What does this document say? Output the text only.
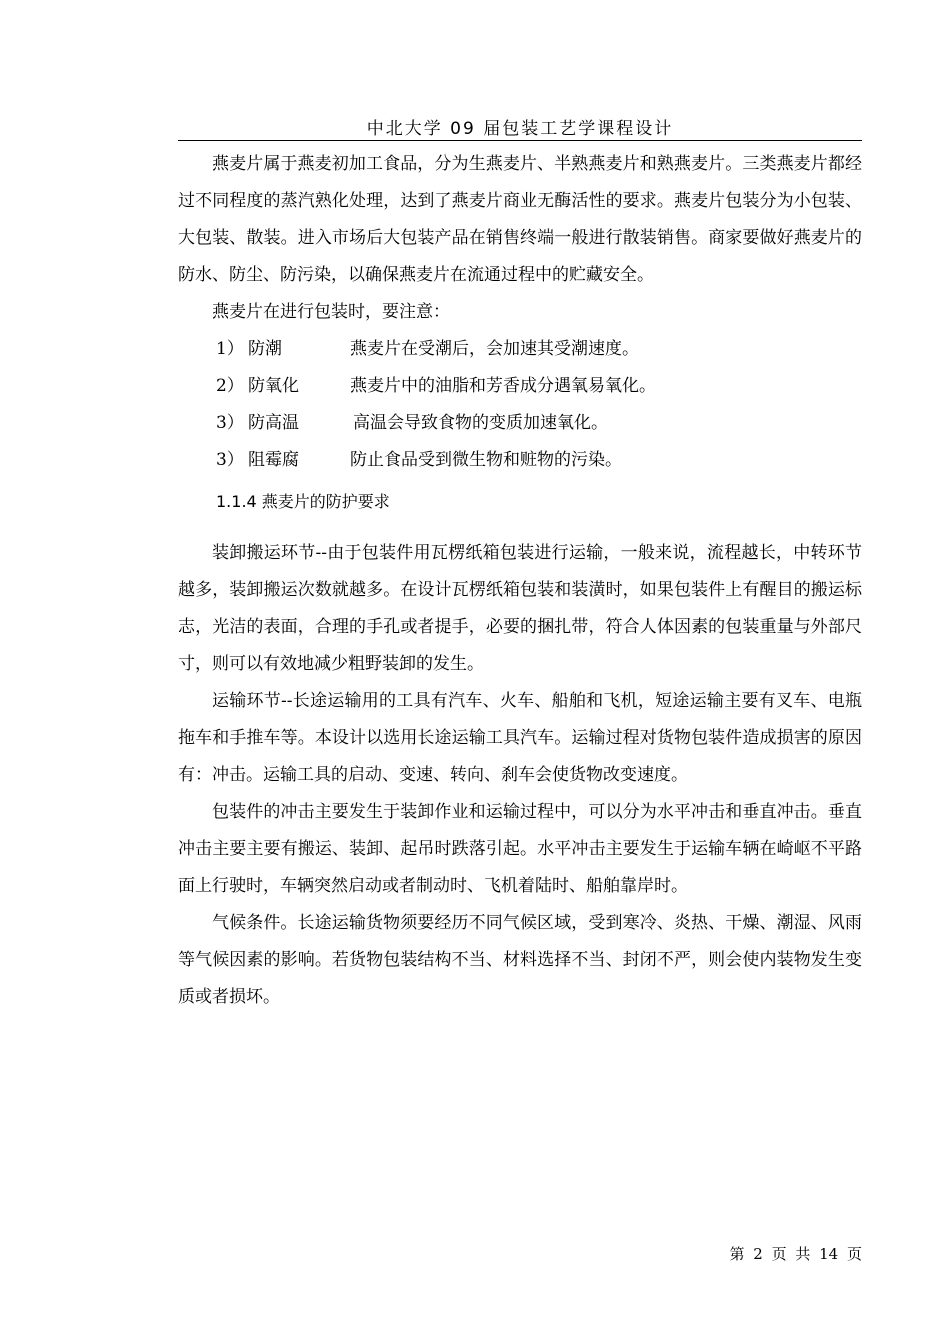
中北大学 09 届包装工艺学课程设计

燕麦片属于燕麦初加工食品，分为生燕麦片、半熟燕麦片和熟燕麦片。三类燕麦片都经过不同程度的蒸汽熟化处理，达到了燕麦片商业无酶活性的要求。燕麦片包装分为小包装、大包装、散装。进入市场后大包装产品在销售终端一般进行散装销售。商家要做好燕麦片的防水、防尘、防污染，以确保燕麦片在流通过程中的贮藏安全。

燕麦片在进行包装时，要注意：

1） 防潮	燕麦片在受潮后，会加速其受潮速度。
2） 防氧化	燕麦片中的油脂和芳香成分遇氧易氧化。
3） 防高温	高温会导致食物的变质加速氧化。
3） 阻霉腐	防止食品受到微生物和赃物的污染。
1.1.4 燕麦片的防护要求

装卸搬运环节--由于包装件用瓦楞纸箱包装进行运输，一般来说，流程越长，中转环节越多，装卸搬运次数就越多。在设计瓦楞纸箱包装和装潢时，如果包装件上有醒目的搬运标志，光洁的表面，合理的手孔或者提手，必要的捆扎带，符合人体因素的包装重量与外部尺寸，则可以有效地减少粗野装卸的发生。

运输环节--长途运输用的工具有汽车、火车、船舶和飞机，短途运输主要有叉车、电瓶拖车和手推车等。本设计以选用长途运输工具汽车。运输过程对货物包装件造成损害的原因有：冲击。运输工具的启动、变速、转向、刹车会使货物改变速度。

包装件的冲击主要发生于装卸作业和运输过程中，可以分为水平冲击和垂直冲击。垂直冲击主要主要有搬运、装卸、起吊时跌落引起。水平冲击主要发生于运输车辆在崎岖不平路面上行驶时，车辆突然启动或者制动时、飞机着陆时、船舶靠岸时。

气候条件。长途运输货物须要经历不同气候区域，受到寒冷、炎热、干燥、潮湿、风雨等气候因素的影响。若货物包装结构不当、材料选择不当、封闭不严，则会使内装物发生变质或者损坏。

第 2 页 共 14 页
